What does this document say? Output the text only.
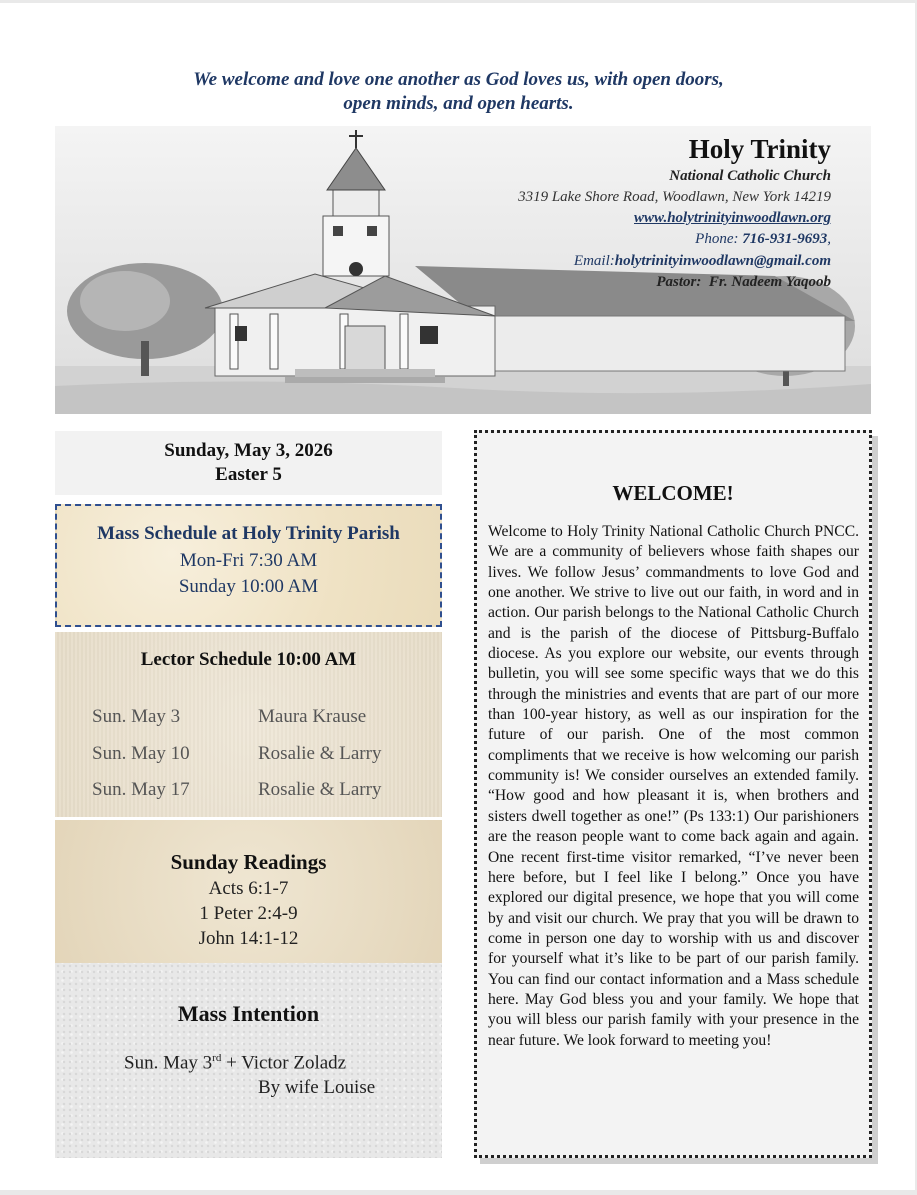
We welcome and love one another as God loves us, with open doors,
open minds, and open hearts.
Holy Trinity
National Catholic Church
3319 Lake Shore Road, Woodlawn, New York 14219
www.holytrinityinwoodlawn.org
Phone: 716-931-9693,
Email:holytrinityinwoodlawn@gmail.com
Pastor: Fr. Nadeem Yaqoob
Sunday, May 3, 2026
Easter 5
Mass Schedule at Holy Trinity Parish
Mon-Fri 7:30 AM
Sunday 10:00 AM
Lector Schedule 10:00 AM
Sun. May 3	Maura Krause
Sun. May 10	Rosalie & Larry
Sun. May 17	Rosalie & Larry
Sunday Readings
Acts 6:1-7
1 Peter 2:4-9
John 14:1-12
Mass Intention
Sun. May 3rd + Victor Zoladz
By wife Louise
WELCOME!
Welcome to Holy Trinity National Catholic Church PNCC. We are a community of believers whose faith shapes our lives. We follow Jesus’ commandments to love God and one another. We strive to live out our faith, in word and in action. Our parish belongs to the National Catholic Church and is the parish of the diocese of Pittsburg-Buffalo diocese. As you explore our website, our events through bulletin, you will see some specific ways that we do this through the ministries and events that are part of our more than 100-year history, as well as our inspiration for the future of our parish. One of the most common compliments that we receive is how welcoming our parish community is! We consider ourselves an extended family. “How good and how pleasant it is, when brothers and sisters dwell together as one!” (Ps 133:1) Our parishioners are the reason people want to come back again and again. One recent first-time visitor remarked, “I’ve never been here before, but I feel like I belong.” Once you have explored our digital presence, we hope that you will come by and visit our church. We pray that you will be drawn to come in person one day to worship with us and discover for yourself what it’s like to be part of our parish family. You can find our contact information and a Mass schedule here. May God bless you and your family. We hope that you will bless our parish family with your presence in the near future. We look forward to meeting you!
